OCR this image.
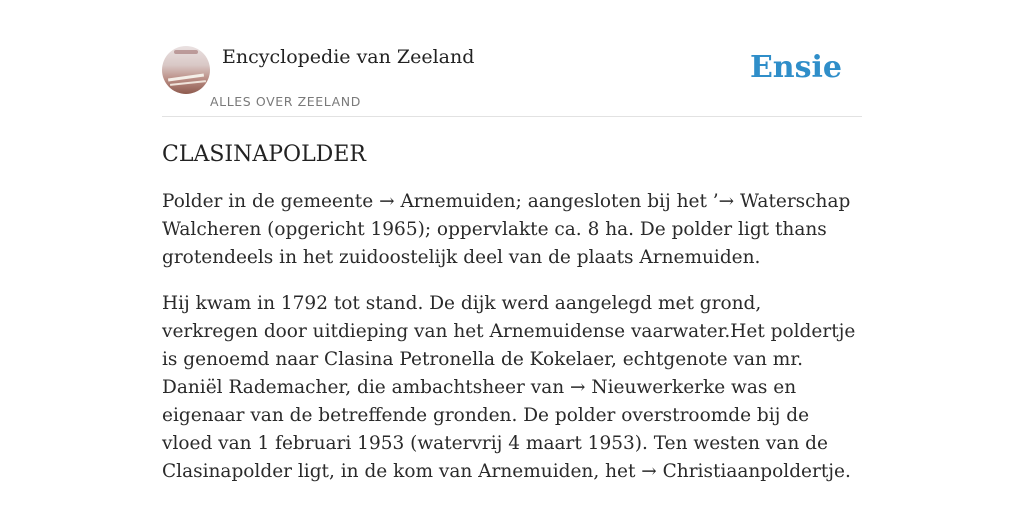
Encyclopedie van Zeeland
ALLES OVER ZEELAND
Ensie
CLASINAPOLDER

Polder in de gemeente → Arnemuiden; aangesloten bij het ’→ Waterschap Walcheren (opgericht 1965); oppervlakte ca. 8 ha. De polder ligt thans grotendeels in het zuidoostelijk deel van de plaats Arnemuiden.

Hij kwam in 1792 tot stand. De dijk werd aangelegd met grond, verkregen door uitdieping van het Arnemuidense vaarwater.Het poldertje is genoemd naar Clasina Petronella de Kokelaer, echtgenote van mr. Daniël Rademacher, die ambachtsheer van → Nieuwerkerke was en eigenaar van de betreffende gronden. De polder overstroomde bij de vloed van 1 februari 1953 (watervrij 4 maart 1953). Ten westen van de Clasinapolder ligt, in de kom van Arnemuiden, het → Christiaanpoldertje.
